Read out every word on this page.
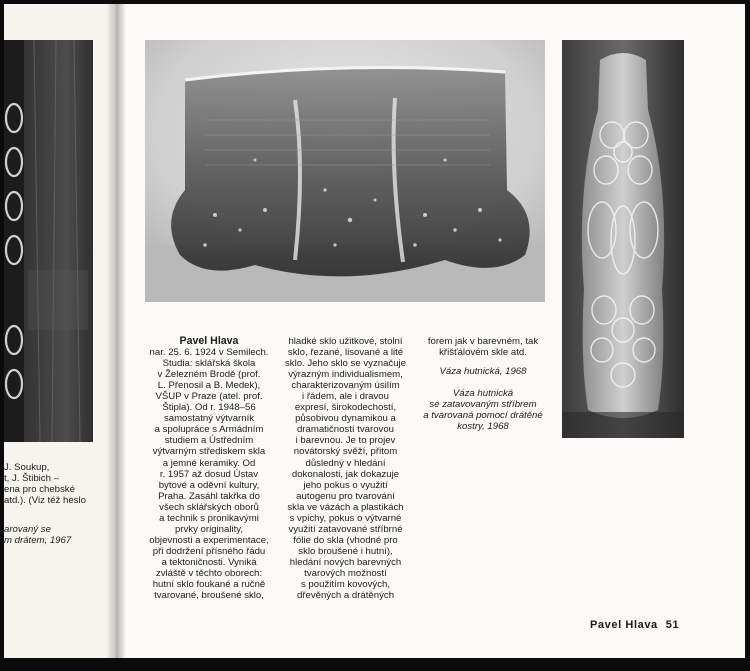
J. Soukup,
t, J. Štibich –
ena pro chebské
atd.). (Viz též heslo
arovaný se
m drátem, 1967
Pavel Hlava
nar. 25. 6. 1924 v Semilech.
Studia: sklářská škola
v Železném Brodě (prof.
L. Přenosil a B. Medek),
VŠUP v Praze (atel. prof.
Štipla). Od r. 1948–56
samostatný výtvarník
a spolupráce s Armádním
studiem a Ústředním
výtvarným střediskem skla
a jemné keramiky. Od
r. 1957 až dosud Ústav
bytové a oděvní kultury,
Praha. Zasáhl takřka do
všech sklářských oborů
a technik s pronikavými
prvky originality,
objevnosti a experimentace,
při dodržení přísného řádu
a tektoničnosti. Vyniká
zvláště v těchto oborech:
hutní sklo foukané a ručně
tvarované, broušené sklo,
hladké sklo užitkové, stolní
sklo, řezané, lisované a lité
sklo. Jeho sklo se vyznačuje
výrazným individualismem,
charakterizovaným úsilím
i řádem, ale i dravou
expresí, širokodechostí,
působivou dynamikou a
dramatičností tvarovou
i barevnou. Je to projev
novátorský svěží, přitom
důsledný v hledání
dokonalosti, jak dokazuje
jeho pokus o využití
autogenu pro tvarování
skla ve vázách a plastikách
s vpichy, pokus o výtvarné
využití zatavované stříbrné
fólie do skla (vhodné pro
sklo broušené i hutní),
hledání nových barevných
tvarových možností
s použitím kovových,
dřevěných a drátěných
forem jak v barevném, tak
křišťálovém skle atd.
Váza hutnická, 1968
Váza hutnická
se zatavovaným stříbrem
a tvarovaná pomocí drátěné
kostry, 1968
Pavel Hlava 51
